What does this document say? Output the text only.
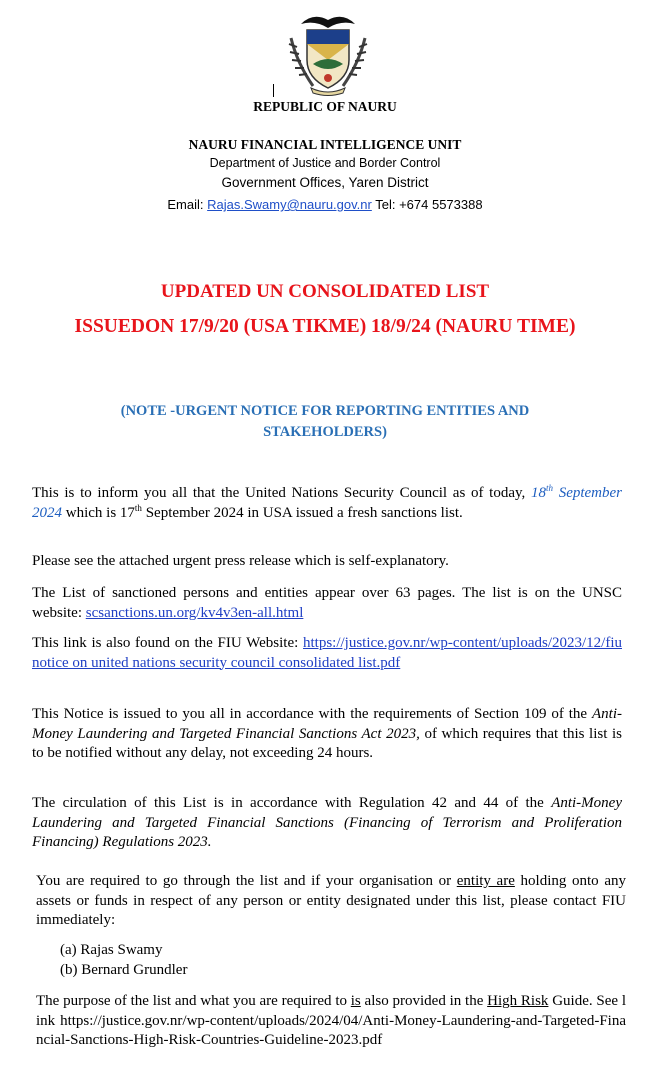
REPUBLIC OF NAURU
NAURU FINANCIAL INTELLIGENCE UNIT
Department of Justice and Border Control
Government Offices, Yaren District
Email: Rajas.Swamy@nauru.gov.nr Tel: +674 5573388
UPDATED UN CONSOLIDATED LIST
ISSUEDON 17/9/20 (USA TIKME) 18/9/24 (NAURU TIME)
(NOTE -URGENT NOTICE FOR REPORTING ENTITIES AND STAKEHOLDERS)
This is to inform you all that the United Nations Security Council as of today, 18th September 2024 which is 17th September 2024 in USA issued a fresh sanctions list.
Please see the attached urgent press release which is self-explanatory.
The List of sanctioned persons and entities appear over 63 pages. The list is on the UNSC website: scsanctions.un.org/kv4v3en-all.html
This link is also found on the FIU Website: https://justice.gov.nr/wp-content/uploads/2023/12/fiu notice on united nations security council consolidated list.pdf
This Notice is issued to you all in accordance with the requirements of Section 109 of the Anti-Money Laundering and Targeted Financial Sanctions Act 2023, of which requires that this list is to be notified without any delay, not exceeding 24 hours.
The circulation of this List is in accordance with Regulation 42 and 44 of the Anti-Money Laundering and Targeted Financial Sanctions (Financing of Terrorism and Proliferation Financing) Regulations 2023.
You are required to go through the list and if your organisation or entity are holding onto any assets or funds in respect of any person or entity designated under this list, please contact FIU immediately:
(a) Rajas Swamy
(b) Bernard Grundler
The purpose of the list and what you are required to is also provided in the High Risk Guide. See link https://justice.gov.nr/wp-content/uploads/2024/04/Anti-Money-Laundering-and-Targeted-Financial-Sanctions-High-Risk-Countries-Guideline-2023.pdf
